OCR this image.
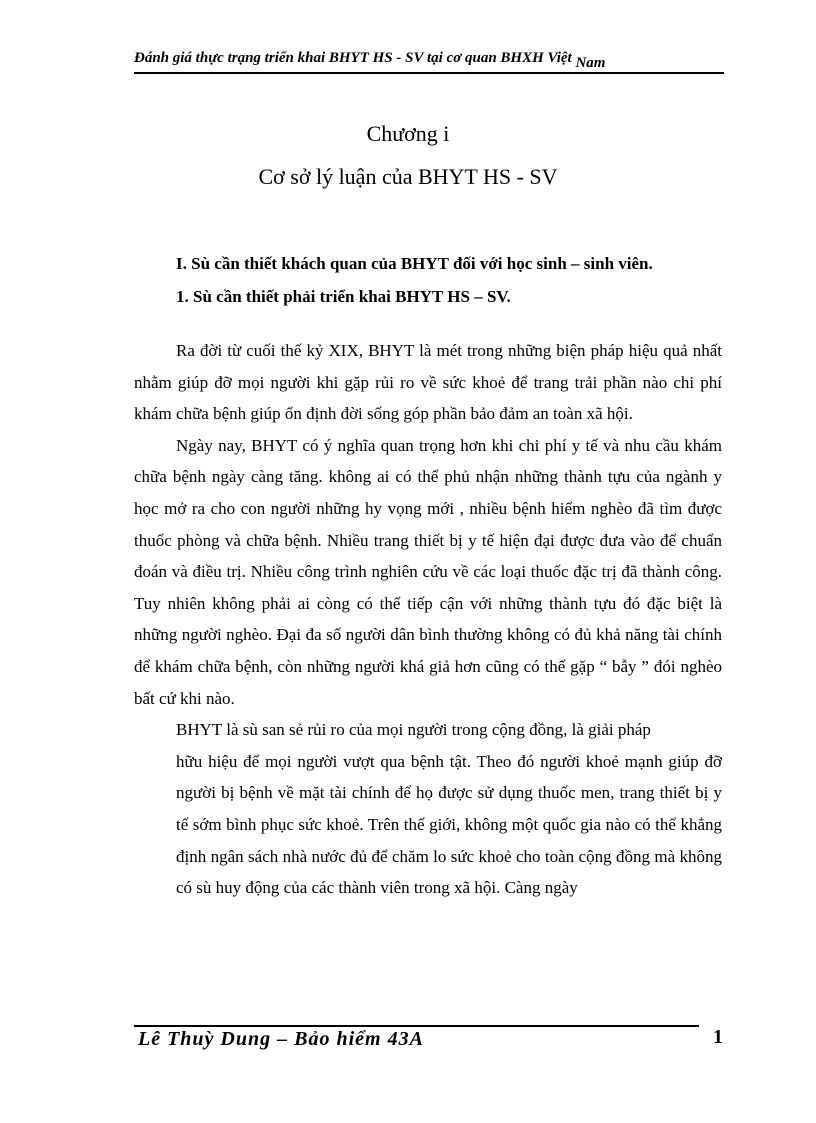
Đánh giá thực trạng triển khai BHYT HS - SV tại cơ quan BHXH Việt Nam
Chương i
Cơ sở lý luận của BHYT HS - SV
I. Sù cần thiết khách quan của BHYT đối với học sinh – sinh viên.
1. Sù cần thiết phải triển khai BHYT HS – SV.

Ra đời từ cuối thế kỷ XIX, BHYT là mét trong những biện pháp hiệu quả nhất nhằm giúp đỡ mọi người khi gặp rủi ro về sức khoẻ để trang trải phần nào chi phí khám chữa bệnh giúp ổn định đời sống góp phần bảo đảm an toàn xã hội.

Ngày nay, BHYT có ý nghĩa quan trọng hơn khi chi phí y tế và nhu cầu khám chữa bệnh ngày càng tăng. không ai có thể phủ nhận những thành tựu của ngành y học mở ra cho con người những hy vọng mới , nhiều bệnh hiểm nghèo đã tìm được thuốc phòng và chữa bệnh. Nhiều trang thiết bị y tế hiện đại được đưa vào để chuẩn đoán và điều trị. Nhiều công trình nghiên cứu về các loại thuốc đặc trị đã thành công. Tuy nhiên không phải ai còng có thể tiếp cận với những thành tựu đó đặc biệt là những người nghèo. Đại đa số người dân bình thường không có đủ khả năng tài chính để khám chữa bệnh, còn những người khá giả hơn cũng có thể gặp “ bẫy ” đói nghèo bất cứ khi nào.

BHYT là sù san sẻ rủi ro của mọi người trong cộng đồng, là giải pháp

hữu hiệu để mọi người vượt qua bệnh tật. Theo đó người khoẻ mạnh giúp đỡ người bị bệnh về mặt tài chính để họ được sử dụng thuốc men, trang thiết bị y tế sớm bình phục sức khoẻ. Trên thế giới, không một quốc gia nào có thể khẳng định ngân sách nhà nước đủ để chăm lo sức khoẻ cho toàn cộng đồng mà không có sù huy động của các thành viên trong xã hội. Càng ngày

Lê Thuỳ Dung – Bảo hiểm 43A	1
